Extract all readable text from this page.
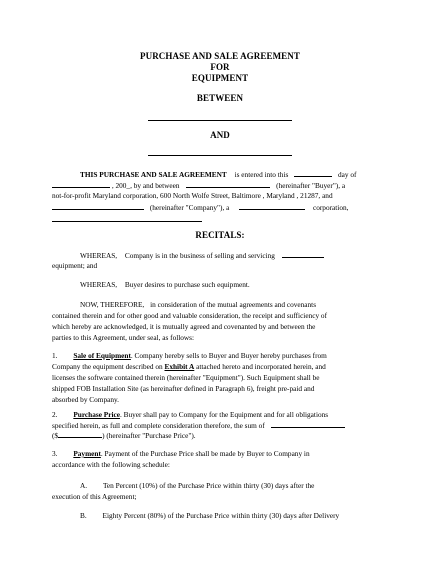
PURCHASE AND SALE AGREEMENT
FOR
EQUIPMENT
BETWEEN
AND
THIS PURCHASE AND SALE AGREEMENT is entered into this	day of
, 200_, by and between	(hereinafter "Buyer"), a
not-for-profit Maryland corporation, 600 North Wolfe Street, Baltimore , Maryland , 21287, and
(hereinafter "Company"), a	corporation,
RECITALS:
WHEREAS, Company is in the business of selling and servicing
equipment; and
WHEREAS, Buyer desires to purchase such equipment.
NOW, THEREFORE, in consideration of the mutual agreements and covenants
contained therein and for other good and valuable consideration, the receipt and sufficiency of
which hereby are acknowledged, it is mutually agreed and covenanted by and between the
parties to this Agreement, under seal, as follows:
1. Sale of Equipment. Company hereby sells to Buyer and Buyer hereby purchases from
Company the equipment described on Exhibit A attached hereto and incorporated herein, and
licenses the software contained therein (hereinafter "Equipment"). Such Equipment shall be
shipped FOB Installation Site (as hereinafter defined in Paragraph 6), freight pre-paid and
absorbed by Company.
2. Purchase Price. Buyer shall pay to Company for the Equipment and for all obligations
specified herein, as full and complete consideration therefore, the sum of
($	) (hereinafter "Purchase Price").
3. Payment. Payment of the Purchase Price shall be made by Buyer to Company in
accordance with the following schedule:
A. Ten Percent (10%) of the Purchase Price within thirty (30) days after the
execution of this Agreement;
B. Eighty Percent (80%) of the Purchase Price within thirty (30) days after Delivery
